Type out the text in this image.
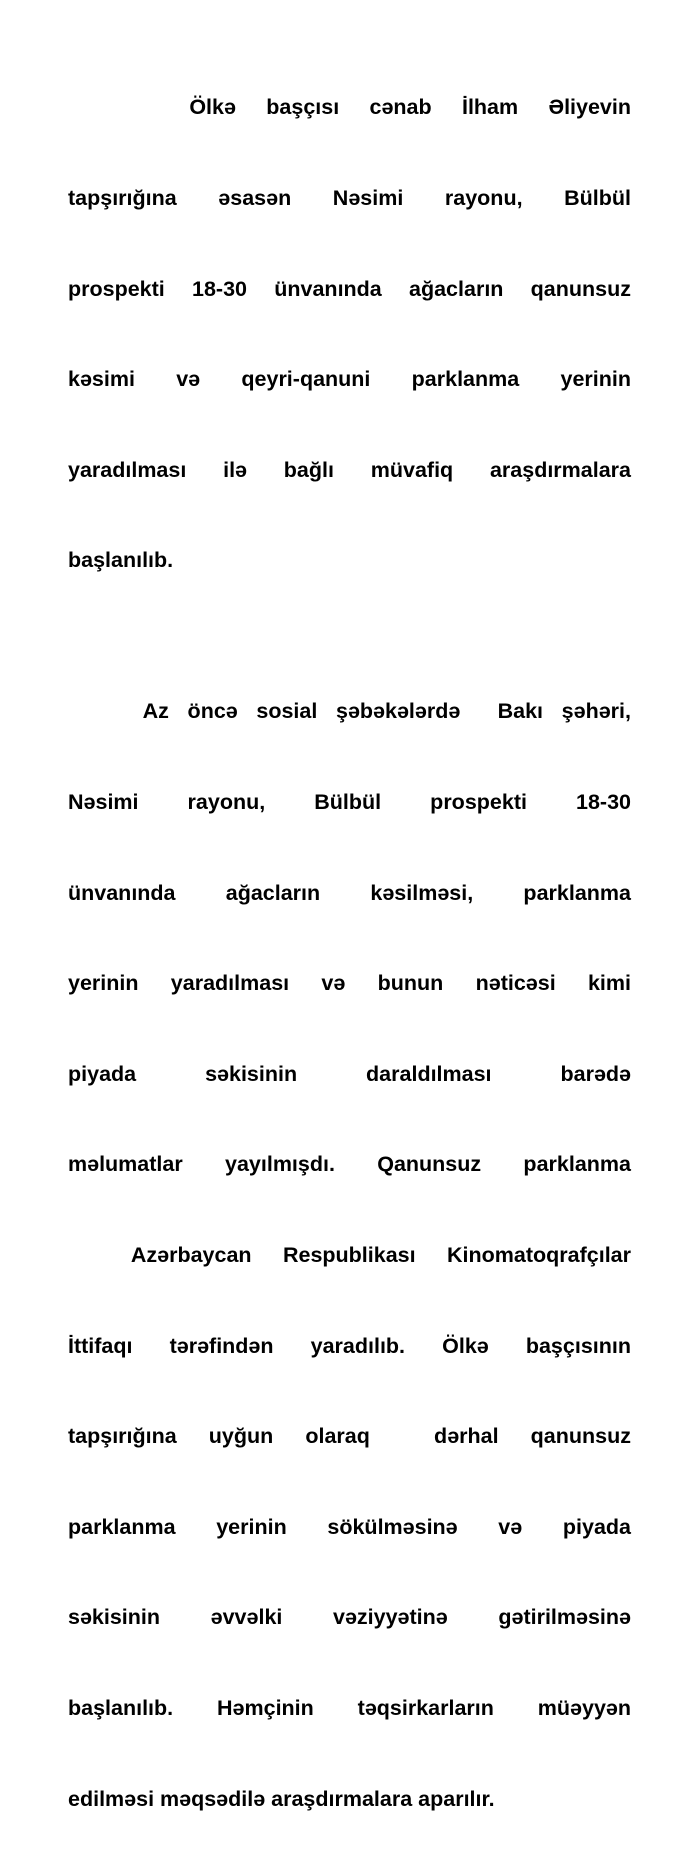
Ölkə başçısı cənab İlham Əliyevin

tapşırığına əsasən Nəsimi rayonu, Bülbül

prospekti 18-30 ünvanında ağacların qanunsuz

kəsimi və qeyri-qanuni parklanma yerinin

yaradılması ilə bağlı müvafiq araşdırmalara

başlanılıb.

Az öncə sosial şəbəkələrdə  Bakı şəhəri,

Nəsimi rayonu, Bülbül prospekti 18-30

ünvanında ağacların kəsilməsi, parklanma

yerinin yaradılması və bunun nəticəsi kimi

piyada səkisinin daraldılması barədə

məlumatlar yayılmışdı. Qanunsuz parklanma

Azərbaycan Respublikası Kinomatoqrafçılar

İttifaqı tərəfindən yaradılıb. Ölkə başçısının

tapşırığına uyğun olaraq  dərhal qanunsuz

parklanma yerinin sökülməsinə və piyada

səkisinin əvvəlki vəziyyətinə gətirilməsinə

başlanılıb. Həmçinin təqsirkarların müəyyən

edilməsi məqsədilə araşdırmalara aparılır.
